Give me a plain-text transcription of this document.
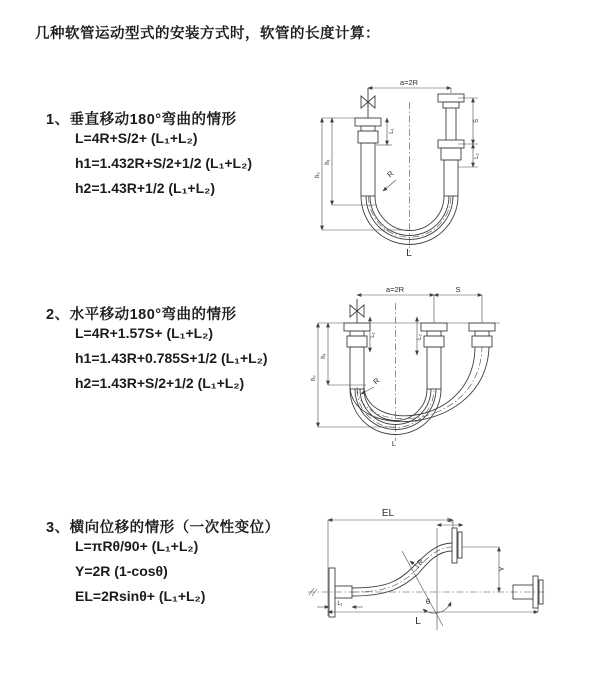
几种软管运动型式的安装方式时，软管的长度计算：
1、垂直移动180°弯曲的情形
L=4R+S/2+ (L₁+L₂)
h1=1.432R+S/2+1/2 (L₁+L₂)
h2=1.43R+1/2 (L₁+L₂)
2、水平移动180°弯曲的情形
L=4R+1.57S+ (L₁+L₂)
h1=1.43R+0.785S+1/2 (L₁+L₂)
h2=1.43R+S/2+1/2 (L₁+L₂)
3、横向位移的情形（一次性变位）
L=πRθ/90+ (L₁+L₂)
Y=2R (1-cosθ)
EL=2Rsinθ+ (L₁+L₂)
a=2R
h₂
h₁
L₁
S
L₂
R
L
a=2R	S
h₂
h₁
L₁	L₂
R
L
EL
L₂
Y
θ
R
L
L₁
